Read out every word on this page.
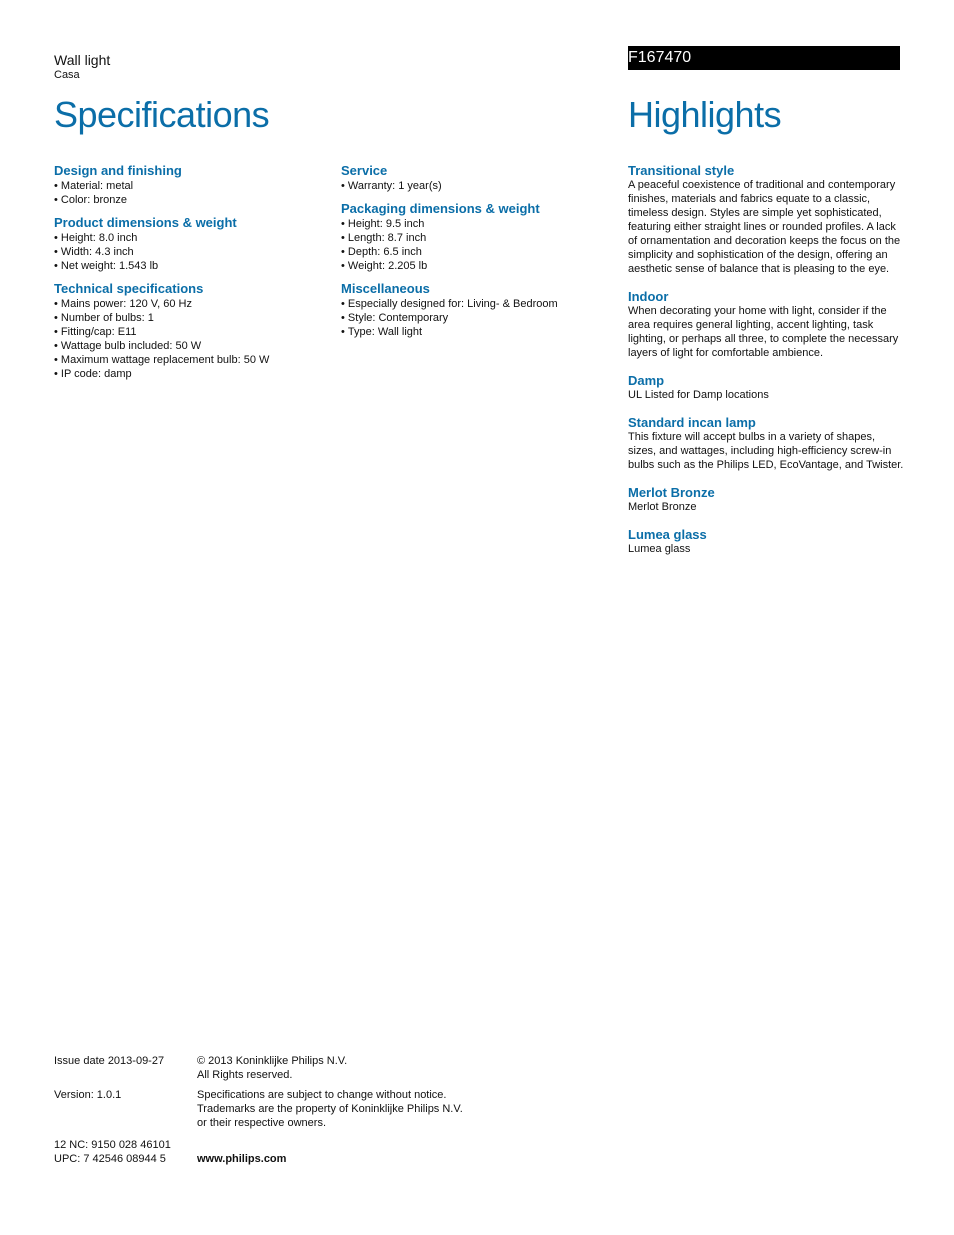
Wall light
Casa
Specifications
F167470
Highlights
Design and finishing
• Material: metal
• Color: bronze
Product dimensions & weight
• Height: 8.0 inch
• Width: 4.3 inch
• Net weight: 1.543 lb
Technical specifications
• Mains power: 120 V, 60 Hz
• Number of bulbs: 1
• Fitting/cap: E11
• Wattage bulb included: 50 W
• Maximum wattage replacement bulb: 50 W
• IP code: damp
Service
• Warranty: 1 year(s)
Packaging dimensions & weight
• Height: 9.5 inch
• Length: 8.7 inch
• Depth: 6.5 inch
• Weight: 2.205 lb
Miscellaneous
• Especially designed for: Living- & Bedroom
• Style: Contemporary
• Type: Wall light
Transitional style
A peaceful coexistence of traditional and contemporary finishes, materials and fabrics equate to a classic, timeless design. Styles are simple yet sophisticated, featuring either straight lines or rounded profiles. A lack of ornamentation and decoration keeps the focus on the simplicity and sophistication of the design, offering an aesthetic sense of balance that is pleasing to the eye.
Indoor
When decorating your home with light, consider if the area requires general lighting, accent lighting, task lighting, or perhaps all three, to complete the necessary layers of light for comfortable ambience.
Damp
UL Listed for Damp locations
Standard incan lamp
This fixture will accept bulbs in a variety of shapes, sizes, and wattages, including high-efficiency screw-in bulbs such as the Philips LED, EcoVantage, and Twister.
Merlot Bronze
Merlot Bronze
Lumea glass
Lumea glass
Issue date 2013-09-27	© 2013 Koninklijke Philips N.V.
All Rights reserved.
Version: 1.0.1	Specifications are subject to change without notice.
Trademarks are the property of Koninklijke Philips N.V.
or their respective owners.
12 NC: 9150 028 46101
UPC: 7 42546 08944 5	www.philips.com
